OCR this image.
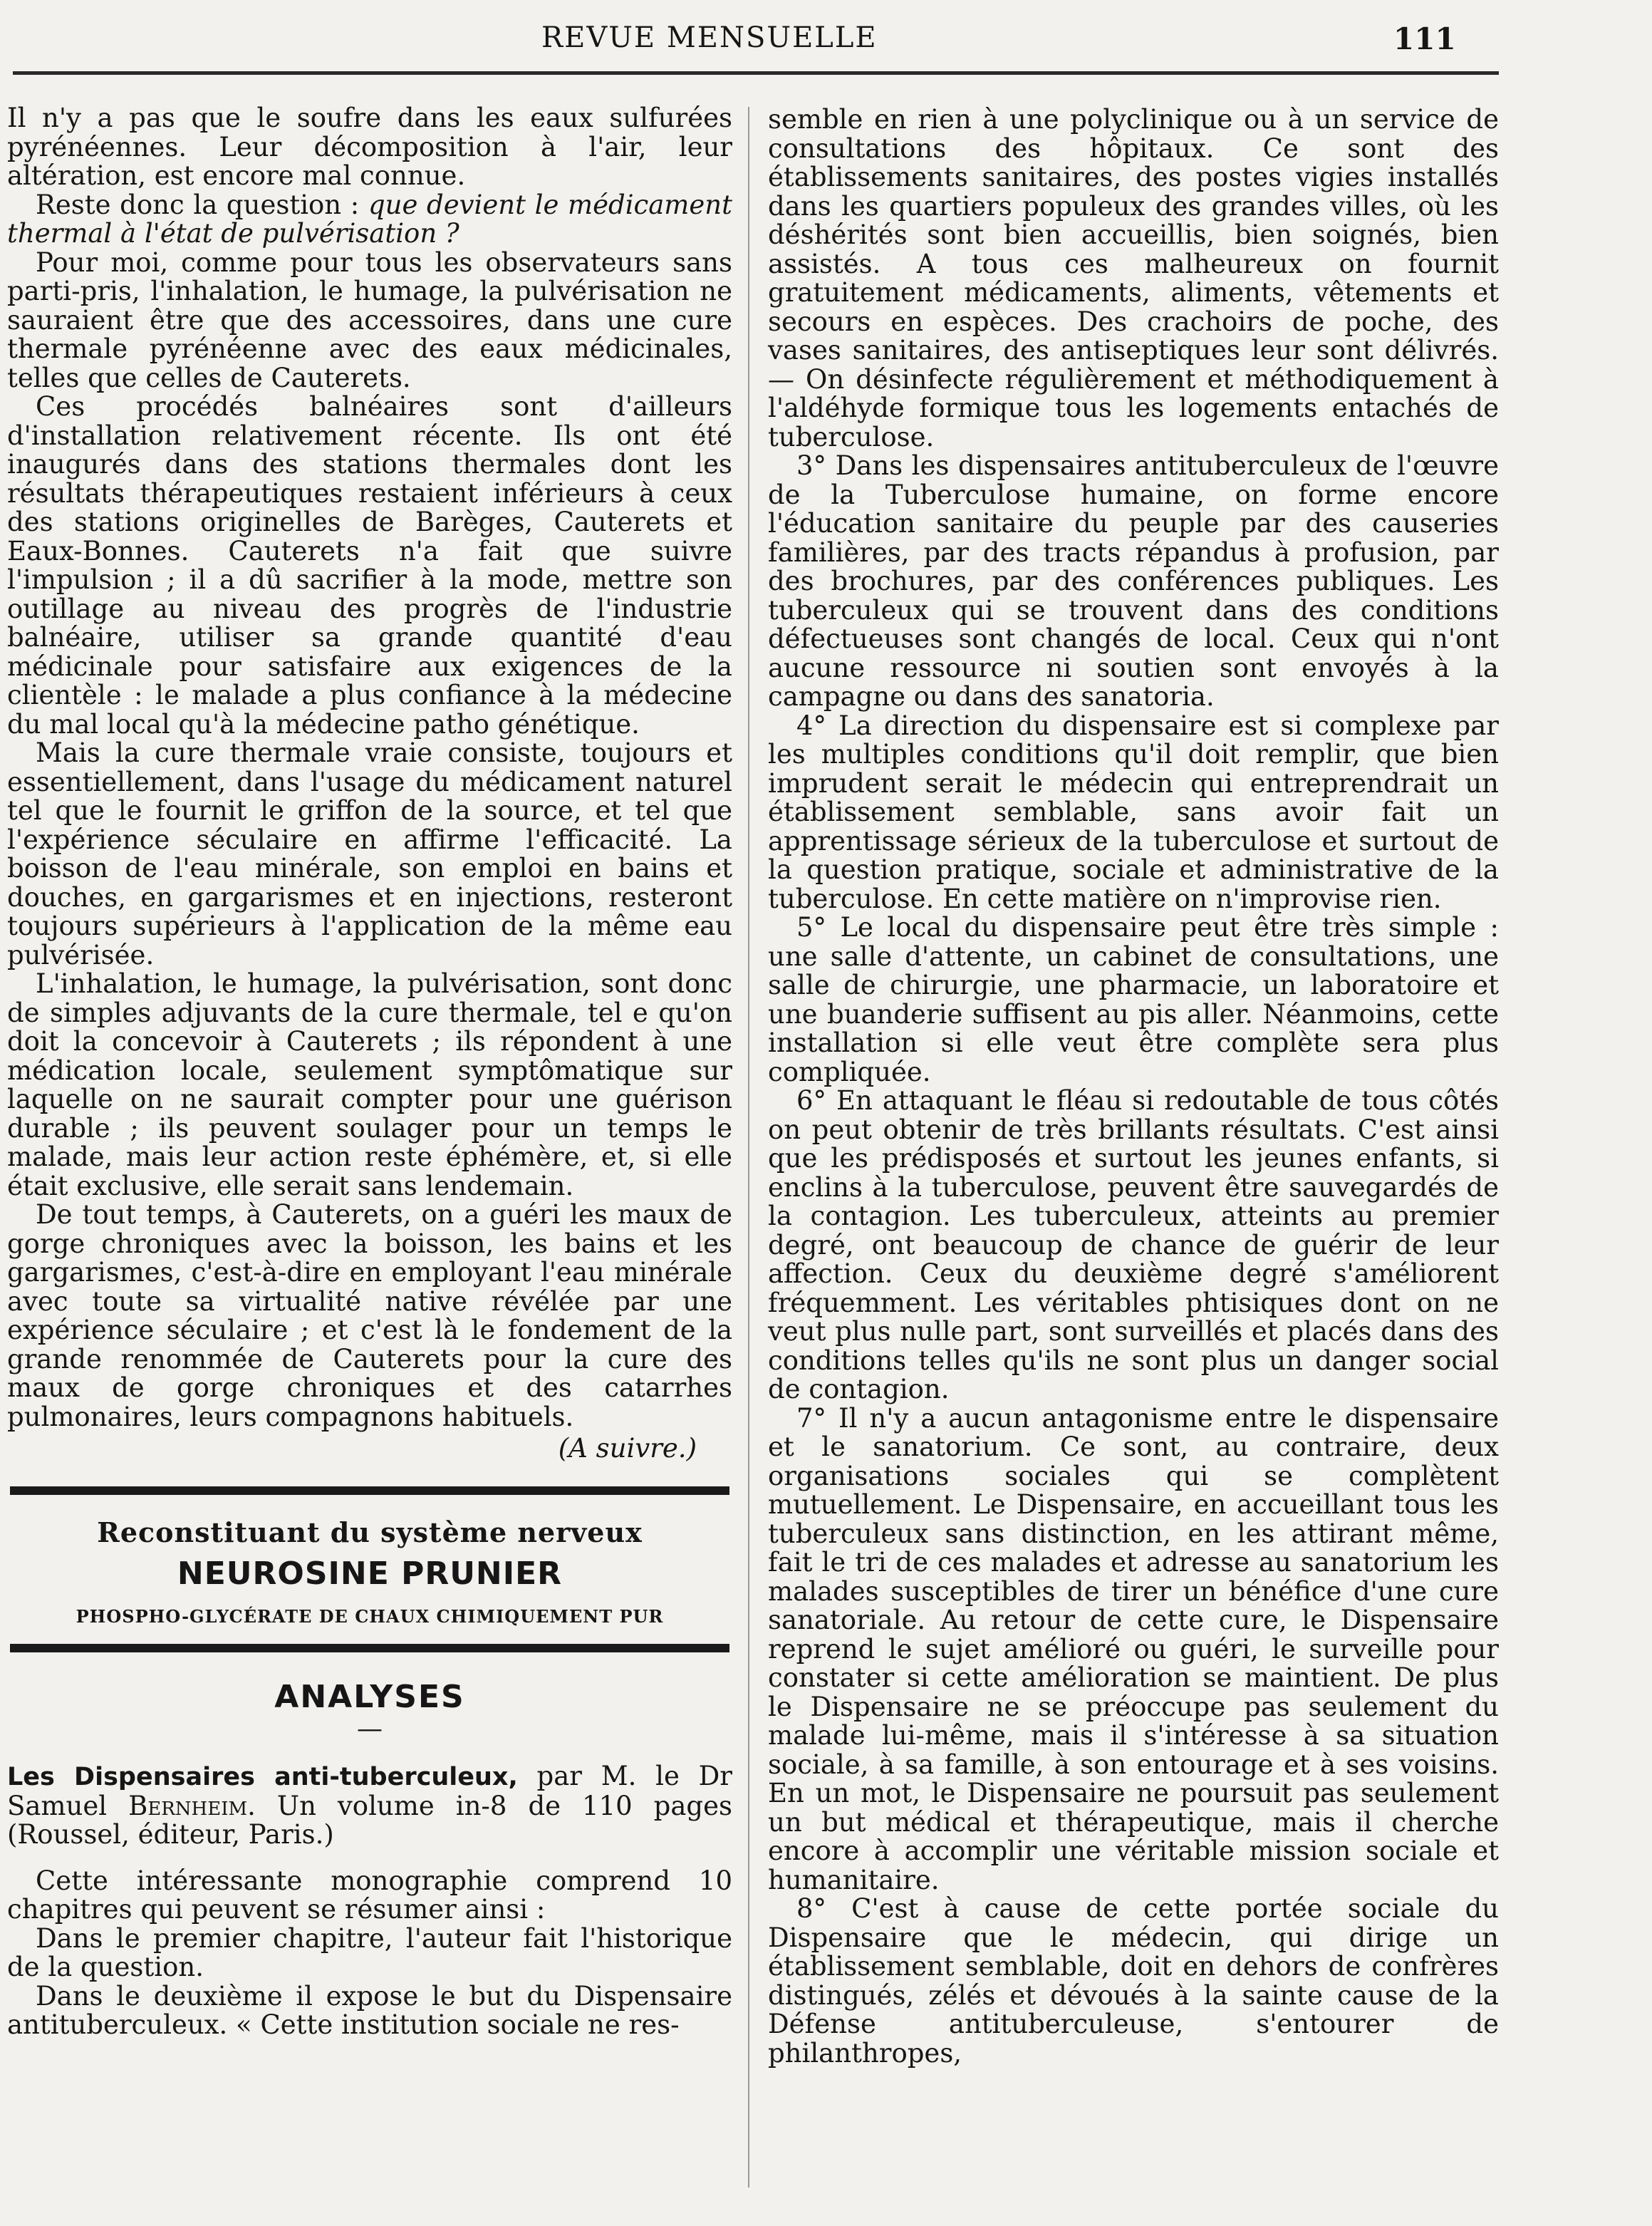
REVUE MENSUELLE	111

Il n'y a pas que le soufre dans les eaux sulfurées pyrénéennes. Leur décomposition à l'air, leur altération, est encore mal connue.

Reste donc la question : que devient le médicament thermal à l'état de pulvérisation ?

Pour moi, comme pour tous les observateurs sans parti-pris, l'inhalation, le humage, la pulvérisation ne sauraient être que des accessoires, dans une cure thermale pyrénéenne avec des eaux médicinales, telles que celles de Cauterets.

Ces procédés balnéaires sont d'ailleurs d'installation relativement récente. Ils ont été inaugurés dans des stations thermales dont les résultats thérapeutiques restaient inférieurs à ceux des stations originelles de Barèges, Cauterets et Eaux-Bonnes. Cauterets n'a fait que suivre l'impulsion ; il a dû sacrifier à la mode, mettre son outillage au niveau des progrès de l'industrie balnéaire, utiliser sa grande quantité d'eau médicinale pour satisfaire aux exigences de la clientèle : le malade a plus confiance à la médecine du mal local qu'à la médecine patho génétique.

Mais la cure thermale vraie consiste, toujours et essentiellement, dans l'usage du médicament naturel tel que le fournit le griffon de la source, et tel que l'expérience séculaire en affirme l'efficacité. La boisson de l'eau minérale, son emploi en bains et douches, en gargarismes et en injections, resteront toujours supérieurs à l'application de la même eau pulvérisée.

L'inhalation, le humage, la pulvérisation, sont donc de simples adjuvants de la cure thermale, tel e qu'on doit la concevoir à Cauterets ; ils répondent à une médication locale, seulement symptômatique sur laquelle on ne saurait compter pour une guérison durable ; ils peuvent soulager pour un temps le malade, mais leur action reste éphémère, et, si elle était exclusive, elle serait sans lendemain.

De tout temps, à Cauterets, on a guéri les maux de gorge chroniques avec la boisson, les bains et les gargarismes, c'est-à-dire en employant l'eau minérale avec toute sa virtualité native révélée par une expérience séculaire ; et c'est là le fondement de la grande renommée de Cauterets pour la cure des maux de gorge chroniques et des catarrhes pulmonaires, leurs compagnons habituels.

(A suivre.)

Reconstituant du système nerveux
NEUROSINE PRUNIER
PHOSPHO-GLYCÉRATE DE CHAUX CHIMIQUEMENT PUR
ANALYSES
—

Les Dispensaires anti-tuberculeux, par M. le Dr Samuel Bernheim. Un volume in-8 de 110 pages (Roussel, éditeur, Paris.)

Cette intéressante monographie comprend 10 chapitres qui peuvent se résumer ainsi :

Dans le premier chapitre, l'auteur fait l'historique de la question.

Dans le deuxième il expose le but du Dispensaire antituberculeux. « Cette institution sociale ne res-

semble en rien à une polyclinique ou à un service de consultations des hôpitaux. Ce sont des établissements sanitaires, des postes vigies installés dans les quartiers populeux des grandes villes, où les déshérités sont bien accueillis, bien soignés, bien assistés. A tous ces malheureux on fournit gratuitement médicaments, aliments, vêtements et secours en espèces. Des crachoirs de poche, des vases sanitaires, des antiseptiques leur sont délivrés. — On désinfecte régulièrement et méthodiquement à l'aldéhyde formique tous les logements entachés de tuberculose.

3° Dans les dispensaires antituberculeux de l'œuvre de la Tuberculose humaine, on forme encore l'éducation sanitaire du peuple par des causeries familières, par des tracts répandus à profusion, par des brochures, par des conférences publiques. Les tuberculeux qui se trouvent dans des conditions défectueuses sont changés de local. Ceux qui n'ont aucune ressource ni soutien sont envoyés à la campagne ou dans des sanatoria.

4° La direction du dispensaire est si complexe par les multiples conditions qu'il doit remplir, que bien imprudent serait le médecin qui entreprendrait un établissement semblable, sans avoir fait un apprentissage sérieux de la tuberculose et surtout de la question pratique, sociale et administrative de la tuberculose. En cette matière on n'improvise rien.

5° Le local du dispensaire peut être très simple : une salle d'attente, un cabinet de consultations, une salle de chirurgie, une pharmacie, un laboratoire et une buanderie suffisent au pis aller. Néanmoins, cette installation si elle veut être complète sera plus compliquée.

6° En attaquant le fléau si redoutable de tous côtés on peut obtenir de très brillants résultats. C'est ainsi que les prédisposés et surtout les jeunes enfants, si enclins à la tuberculose, peuvent être sauvegardés de la contagion. Les tuberculeux, atteints au premier degré, ont beaucoup de chance de guérir de leur affection. Ceux du deuxième degré s'améliorent fréquemment. Les véritables phtisiques dont on ne veut plus nulle part, sont surveillés et placés dans des conditions telles qu'ils ne sont plus un danger social de contagion.

7° Il n'y a aucun antagonisme entre le dispensaire et le sanatorium. Ce sont, au contraire, deux organisations sociales qui se complètent mutuellement. Le Dispensaire, en accueillant tous les tuberculeux sans distinction, en les attirant même, fait le tri de ces malades et adresse au sanatorium les malades susceptibles de tirer un bénéfice d'une cure sanatoriale. Au retour de cette cure, le Dispensaire reprend le sujet amélioré ou guéri, le surveille pour constater si cette amélioration se maintient. De plus le Dispensaire ne se préoccupe pas seulement du malade lui-même, mais il s'intéresse à sa situation sociale, à sa famille, à son entourage et à ses voisins. En un mot, le Dispensaire ne poursuit pas seulement un but médical et thérapeutique, mais il cherche encore à accomplir une véritable mission sociale et humanitaire.

8° C'est à cause de cette portée sociale du Dispensaire que le médecin, qui dirige un établissement semblable, doit en dehors de confrères distingués, zélés et dévoués à la sainte cause de la Défense antituberculeuse, s'entourer de philanthropes,
